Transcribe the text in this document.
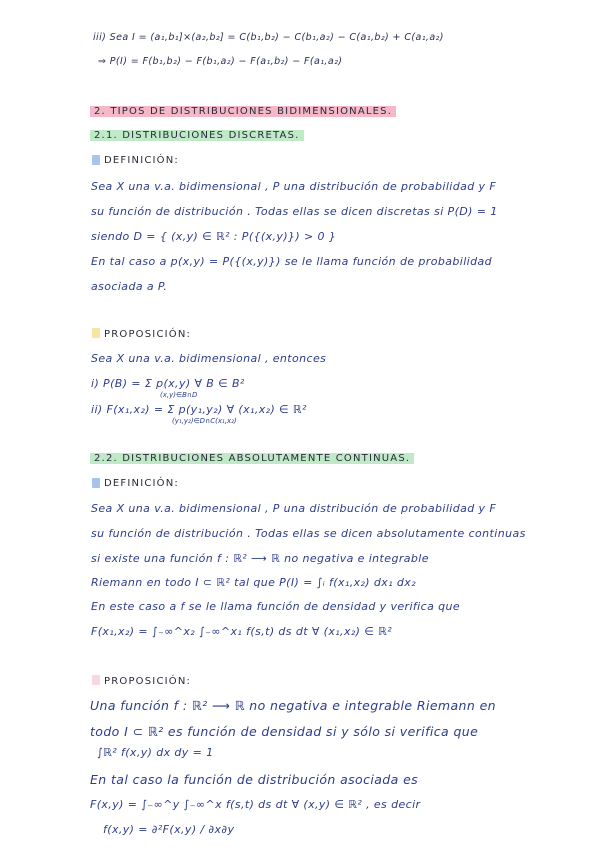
iii) Sea I = (a₁,b₁]×(a₂,b₂] = C(b₁,b₂) − C(b₁,a₂) − C(a₁,b₂) + C(a₁,a₂)
⇒ P(I) = F(b₁,b₂) − F(b₁,a₂) − F(a₁,b₂) − F(a₁,a₂)
2. TIPOS DE DISTRIBUCIONES BIDIMENSIONALES.
2.1. DISTRIBUCIONES DISCRETAS.
DEFINICIÓN:
Sea X una v.a. bidimensional , P una distribución de probabilidad y F
su función de distribución . Todas ellas se dicen discretas si P(D) = 1
siendo D = { (x,y) ∈ ℝ² : P({(x,y)}) > 0 }
En tal caso a p(x,y) = P({(x,y)}) se le llama función de probabilidad
asociada a P.
PROPOSICIÓN:
Sea X una v.a. bidimensional , entonces
i) P(B) = Σ p(x,y) ∀ B ∈ B²
(x,y)∈B∩D
ii) F(x₁,x₂) = Σ p(y₁,y₂) ∀ (x₁,x₂) ∈ ℝ²
(y₁,y₂)∈D∩C(x₁,x₂)
2.2. DISTRIBUCIONES ABSOLUTAMENTE CONTINUAS.
DEFINICIÓN:
Sea X una v.a. bidimensional , P una distribución de probabilidad y F
su función de distribución . Todas ellas se dicen absolutamente continuas
si existe una función f : ℝ² ⟶ ℝ no negativa e integrable
Riemann en todo I ⊂ ℝ² tal que P(I) = ∫ᵢ f(x₁,x₂) dx₁ dx₂
En este caso a f se le llama función de densidad y verifica que
F(x₁,x₂) = ∫₋∞^x₂ ∫₋∞^x₁ f(s,t) ds dt ∀ (x₁,x₂) ∈ ℝ²
PROPOSICIÓN:
Una función f : ℝ² ⟶ ℝ no negativa e integrable Riemann en
todo I ⊂ ℝ² es función de densidad si y sólo si verifica que
∫ℝ² f(x,y) dx dy = 1
En tal caso la función de distribución asociada es
F(x,y) = ∫₋∞^y ∫₋∞^x f(s,t) ds dt ∀ (x,y) ∈ ℝ² , es decir
f(x,y) = ∂²F(x,y) / ∂x∂y
